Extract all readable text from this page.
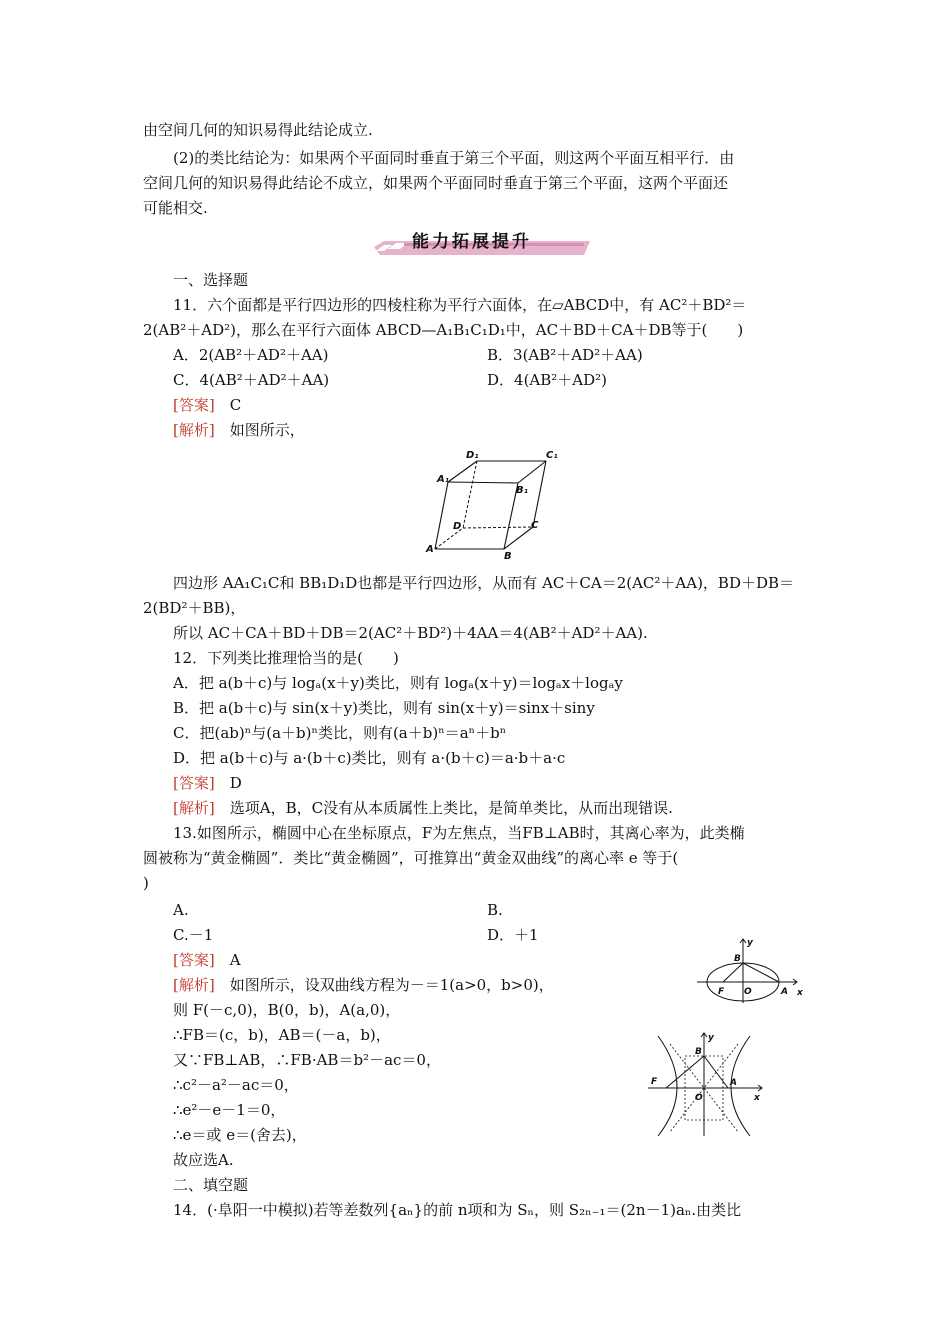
由空间几何的知识易得此结论成立.
(2)的类比结论为：如果两个平面同时垂直于第三个平面，则这两个平面互相平行．由
空间几何的知识易得此结论不成立，如果两个平面同时垂直于第三个平面，这两个平面还
可能相交.
能力拓展提升
一、选择题
11．六个面都是平行四边形的四棱柱称为平行六面体，在▱ABCD中，有 AC²＋BD²＝
2(AB²＋AD²)，那么在平行六面体 ABCD—A₁B₁C₁D₁中，AC＋BD＋CA＋DB等于(　　)
A．2(AB²＋AD²＋AA)	B．3(AB²＋AD²＋AA)
C．4(AB²＋AD²＋AA)	D．4(AB²＋AD²)
[答案]　 C
[解析]　 如图所示，
D₁	C₁
A₁
B₁
D	C
A
B
四边形 AA₁C₁C和 BB₁D₁D也都是平行四边形，从而有 AC＋CA＝2(AC²＋AA)，BD＋DB＝
2(BD²＋BB)，
所以 AC＋CA＋BD＋DB＝2(AC²＋BD²)＋4AA＝4(AB²＋AD²＋AA).
12．下列类比推理恰当的是(　　)
A．把 a(b＋c)与 logₐ(x＋y)类比，则有 logₐ(x＋y)＝logₐx＋logₐy
B．把 a(b＋c)与 sin(x＋y)类比，则有 sin(x＋y)＝sinx＋siny
C．把(ab)ⁿ与(a＋b)ⁿ类比，则有(a＋b)ⁿ＝aⁿ＋bⁿ
D．把 a(b＋c)与 a·(b＋c)类比，则有 a·(b＋c)＝a·b＋a·c
[答案]　 D
[解析]　 选项A，B，C没有从本质属性上类比，是简单类比，从而出现错误.
13.如图所示，椭圆中心在坐标原点，F为左焦点，当FB⊥AB时，其离心率为，此类椭
圆被称为“黄金椭圆”．类比“黄金椭圆”，可推算出“黄金双曲线”的离心率 e 等于(
)
A.	B.
C.－1	D．＋1
[答案]　 A
[解析]　 如图所示，设双曲线方程为－＝1(a>0，b>0)，
则 F(－c,0)，B(0，b)，A(a,0)，
∴FB＝(c，b)，AB＝(－a，b)，
又∵FB⊥AB，∴FB·AB＝b²－ac＝0，
∴c²－a²－ac＝0，
∴e²－e－1＝0，
∴e＝或 e＝(舍去)，
故应选A.
y
B
F O	A x
y
B
F	A
O	x
二、填空题
14．(·阜阳一中模拟)若等差数列{aₙ}的前 n项和为 Sₙ，则 S₂ₙ₋₁＝(2n－1)aₙ.由类比
